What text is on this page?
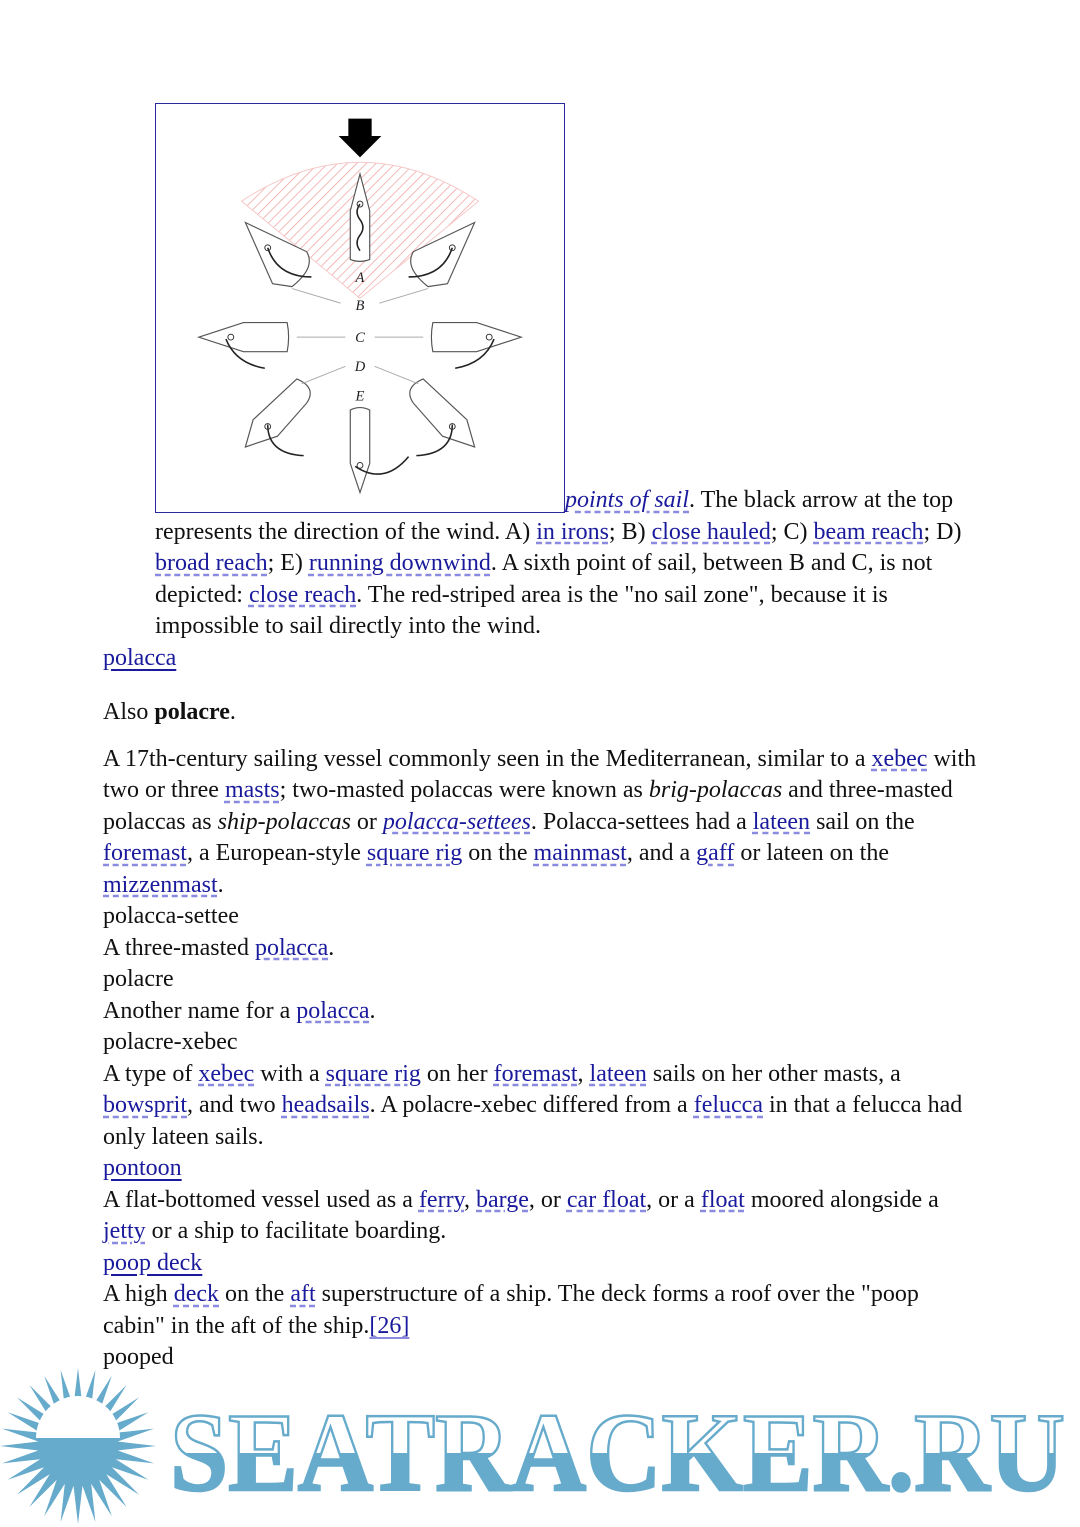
A
B
C
D
E
points of sail. The black arrow at the top represents the direction of the wind. A) in irons; B) close hauled; C) beam reach; D) broad reach; E) running downwind. A sixth point of sail, between B and C, is not depicted: close reach. The red-striped area is the "no sail zone", because it is impossible to sail directly into the wind.
polacca
Also polacre.
A 17th-century sailing vessel commonly seen in the Mediterranean, similar to a xebec with two or three masts; two-masted polaccas were known as brig-polaccas and three-masted polaccas as ship-polaccas or polacca-settees. Polacca-settees had a lateen sail on the foremast, a European-style square rig on the mainmast, and a gaff or lateen on the mizzenmast.
polacca-settee
A three-masted polacca.
polacre
Another name for a polacca.
polacre-xebec
A type of xebec with a square rig on her foremast, lateen sails on her other masts, a bowsprit, and two headsails. A polacre-xebec differed from a felucca in that a felucca had only lateen sails.
pontoon
A flat-bottomed vessel used as a ferry, barge, or car float, or a float moored alongside a jetty or a ship to facilitate boarding.
poop deck
A high deck on the aft superstructure of a ship. The deck forms a roof over the "poop cabin" in the aft of the ship.[26]
pooped
SEATRACKER.RU
